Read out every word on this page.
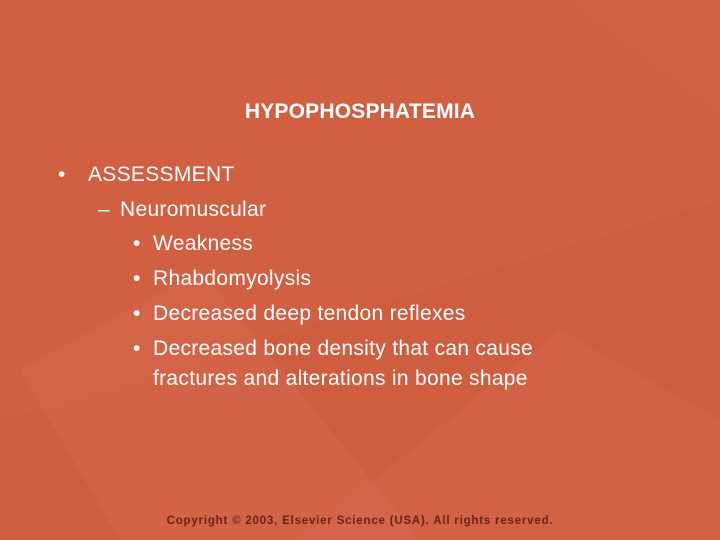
HYPOPHOSPHATEMIA
• ASSESSMENT
– Neuromuscular
• Weakness
• Rhabdomyolysis
• Decreased deep tendon reflexes
• Decreased bone density that can cause
fractures and alterations in bone shape
Copyright © 2003, Elsevier Science (USA). All rights reserved.
